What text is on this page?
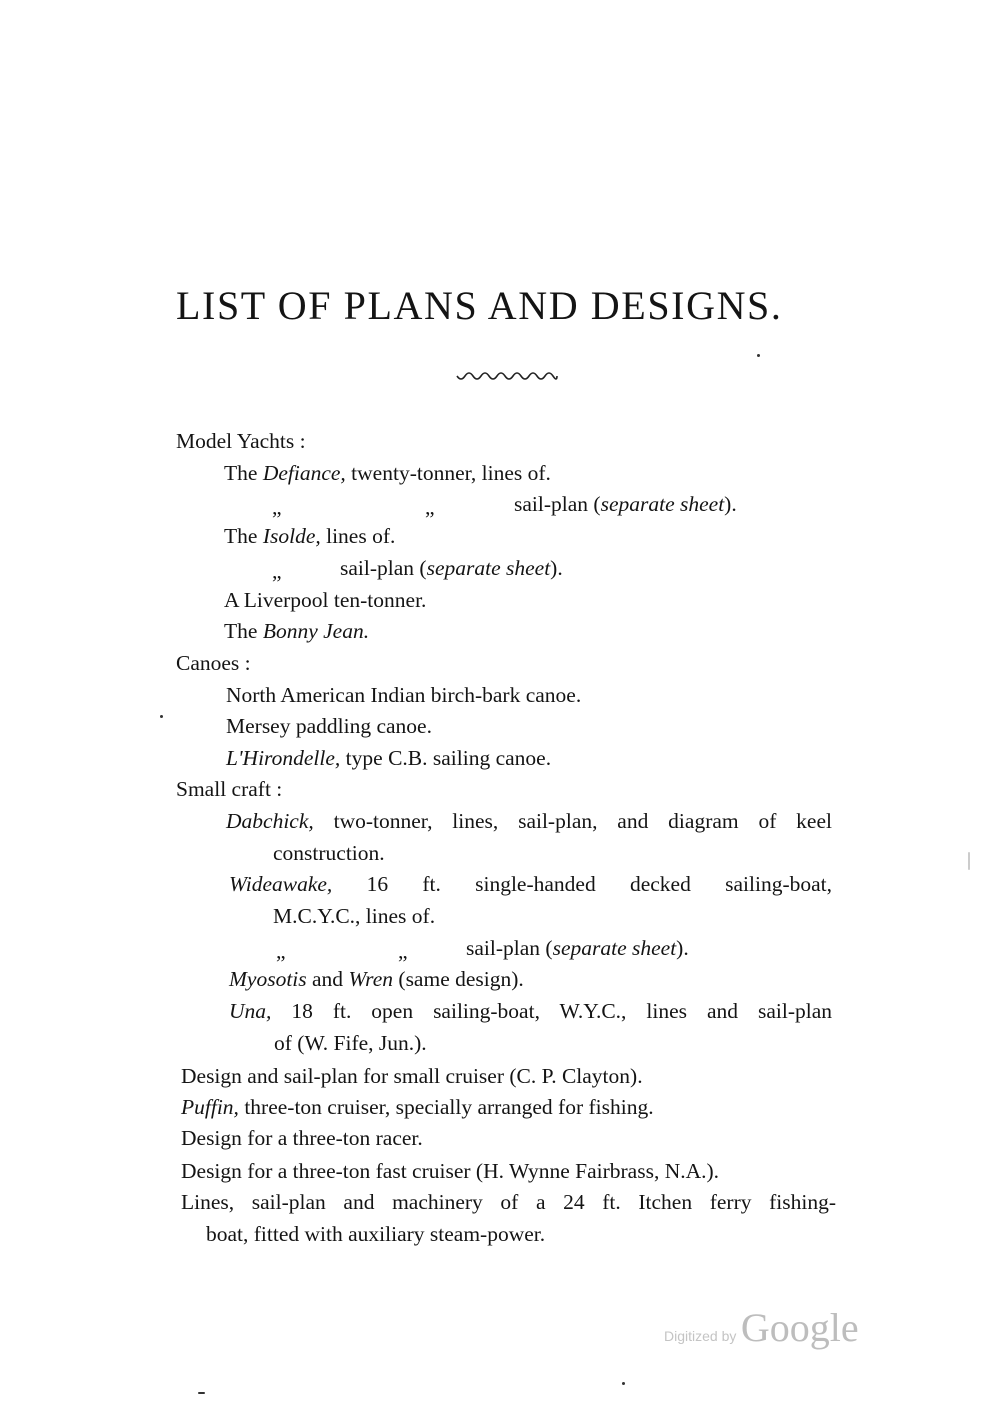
LIST OF PLANS AND DESIGNS.
Model Yachts :
The Defiance, twenty-tonner, lines of.
„	„	sail-plan (separate sheet).
The Isolde, lines of.
„	sail-plan (separate sheet).
A Liverpool ten-tonner.
The Bonny Jean.
Canoes :
North American Indian birch-bark canoe.
Mersey paddling canoe.
L'Hirondelle, type C.B. sailing canoe.
Small craft :
Dabchick, two-tonner, lines, sail-plan, and diagram of keel
construction.
Wideawake, 16 ft. single-handed decked sailing-boat,
M.C.Y.C., lines of.
„	„	sail-plan (separate sheet).
Myosotis and Wren (same design).
Una, 18 ft. open sailing-boat, W.Y.C., lines and sail-plan
of (W. Fife, Jun.).
Design and sail-plan for small cruiser (C. P. Clayton).
Puffin, three-ton cruiser, specially arranged for fishing.
Design for a three-ton racer.
Design for a three-ton fast cruiser (H. Wynne Fairbrass, N.A.).
Lines, sail-plan and machinery of a 24 ft. Itchen ferry fishing-
boat, fitted with auxiliary steam-power.
Digitized by Google
